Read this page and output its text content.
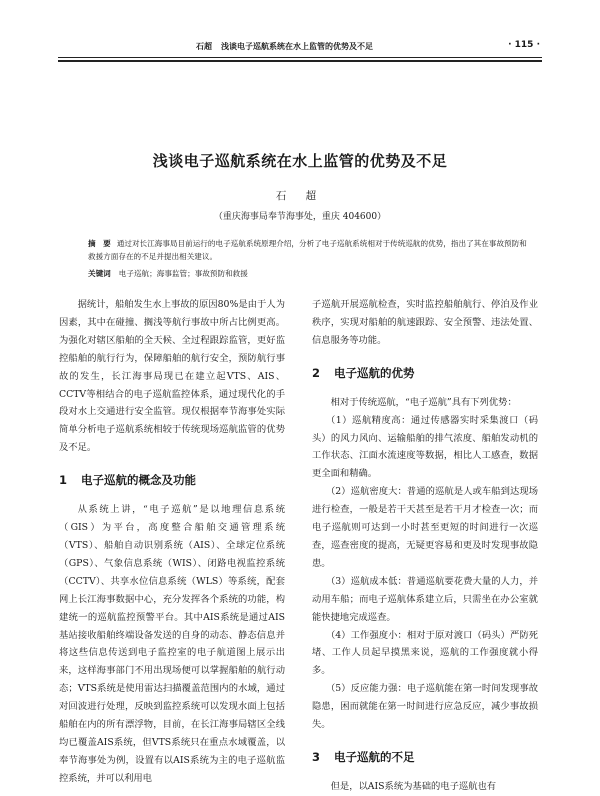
石超 浅谈电子巡航系统在水上监管的优势及不足	· 115 ·
浅谈电子巡航系统在水上监管的优势及不足
石 超
（重庆海事局奉节海事处，重庆 404600）
摘　要 通过对长江海事局目前运行的电子巡航系统原理介绍，分析了电子巡航系统相对于传统巡航的优势，指出了其在事故预防和救援方面存在的不足并提出相关建议。
关键词 电子巡航；海事监管；事故预防和救援

据统计，船舶发生水上事故的原因80%是由于人为因素，其中在碰撞、搁浅等航行事故中所占比例更高。为强化对辖区船舶的全天候、全过程跟踪监管，更好监控船舶的航行行为，保障船舶的航行安全，预防航行事故的发生，长江海事局现已在建立起VTS、AIS、CCTV等相结合的电子巡航监控体系，通过现代化的手段对水上交通进行安全监管。现仅根据奉节海事处实际简单分析电子巡航系统相较于传统现场巡航监管的优势及不足。

1 电子巡航的概念及功能

从系统上讲，“电子巡航”是以地理信息系统（GIS）为平台，高度整合船舶交通管理系统（VTS）、船舶自动识别系统（AIS）、全球定位系统（GPS）、气象信息系统（WIS）、闭路电视监控系统（CCTV）、共享水位信息系统（WLS）等系统，配套网上长江海事数据中心，充分发挥各个系统的功能，构建统一的巡航监控预警平台。其中AIS系统是通过AIS基站接收船舶终端设备发送的自身的动态、静态信息并将这些信息传送到电子监控室的电子航道图上展示出来，这样海事部门不用出现场便可以掌握船舶的航行动态；VTS系统是使用雷达扫描覆盖范围内的水域，通过对回波进行处理，反映到监控系统可以发现水面上包括船舶在内的所有漂浮物，目前，在长江海事局辖区全线均已覆盖AIS系统，但VTS系统只在重点水域覆盖，以奉节海事处为例，设置有以AIS系统为主的电子巡航监控系统，并可以利用电

子巡航开展巡航检查，实时监控船舶航行、停泊及作业秩序，实现对船舶的航速跟踪、安全预警、违法处置、信息服务等功能。

2 电子巡航的优势

相对于传统巡航，“电子巡航”具有下列优势：

（1）巡航精度高：通过传感器实时采集渡口（码头）的风力风向、运输船舶的排气浓度、船舶发动机的工作状态、江面水流速度等数据，相比人工感查，数据更全面和精确。

（2）巡航密度大：普通的巡航是人或车船到达现场进行检查，一般是若干天甚至是若干月才检查一次；而电子巡航则可达到一小时甚至更短的时间进行一次巡查，巡查密度的提高，无疑更容易和更及时发现事故隐患。

（3）巡航成本低：普通巡航要花费大量的人力，并动用车船；而电子巡航体系建立后，只需坐在办公室就能快捷地完成巡查。

（4）工作强度小：相对于原对渡口（码头）严防死堵、工作人员起早摸黑来说，巡航的工作强度就小得多。

（5）反应能力强：电子巡航能在第一时间发现事故隐患，困而就能在第一时间进行应急反应，减少事故损失。

3 电子巡航的不足

但是，以AIS系统为基础的电子巡航也有
